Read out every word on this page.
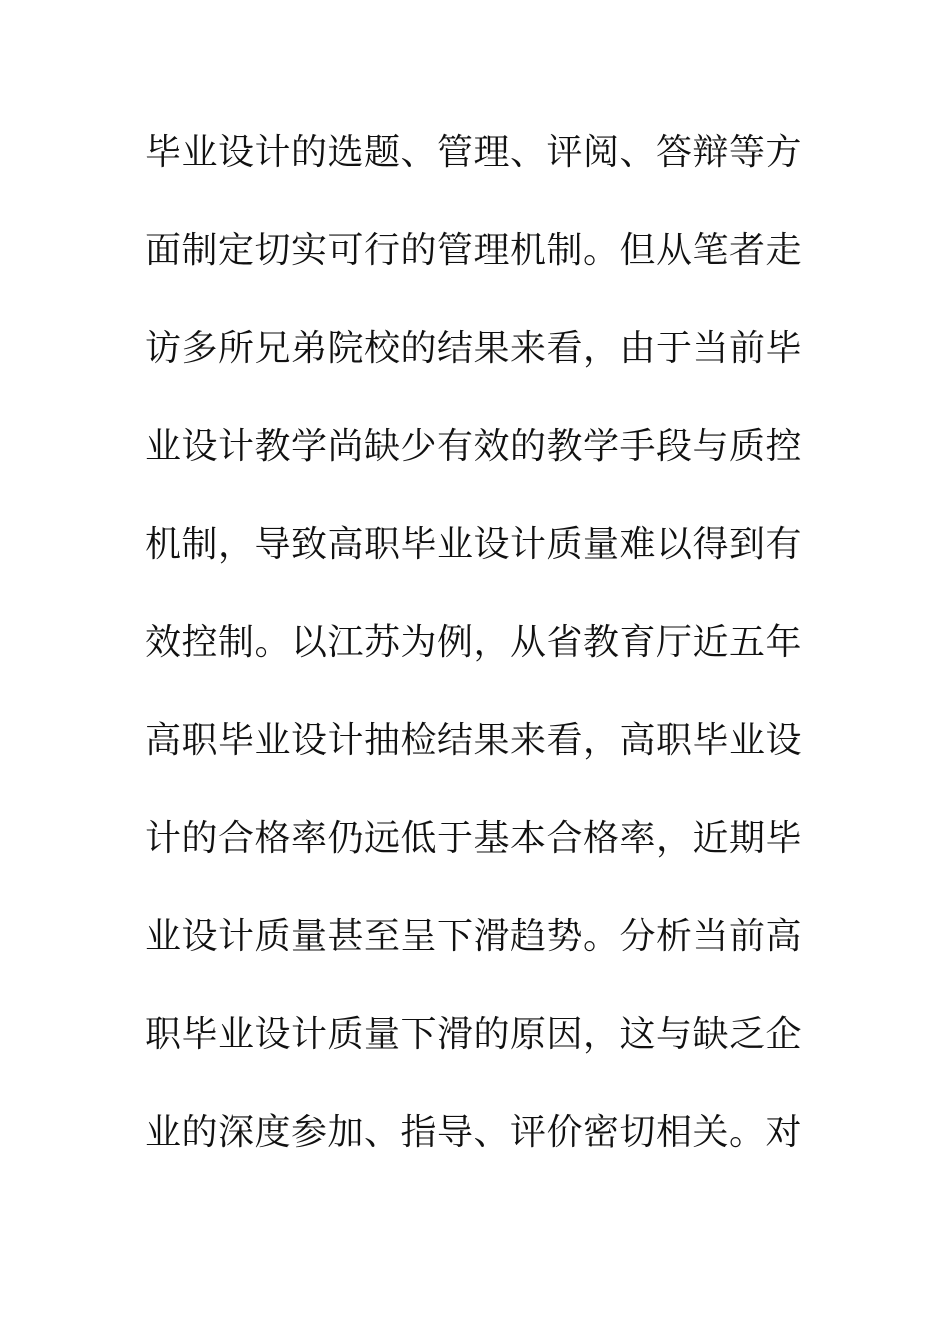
毕业设计的选题、管理、评阅、答辩等方
面制定切实可行的管理机制。但从笔者走
访多所兄弟院校的结果来看，由于当前毕
业设计教学尚缺少有效的教学手段与质控
机制，导致高职毕业设计质量难以得到有
效控制。以江苏为例，从省教育厅近五年
高职毕业设计抽检结果来看，高职毕业设
计的合格率仍远低于基本合格率，近期毕
业设计质量甚至呈下滑趋势。分析当前高
职毕业设计质量下滑的原因，这与缺乏企
业的深度参加、指导、评价密切相关。对
